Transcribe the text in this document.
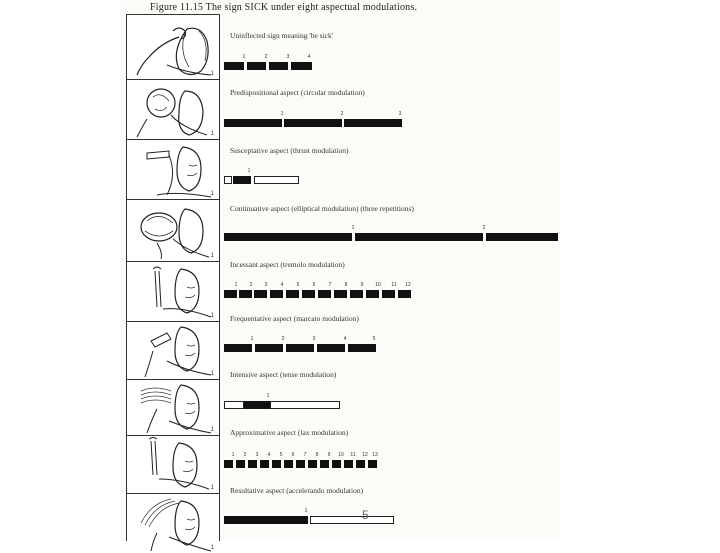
Figure 11.15 The sign SICK under eight aspectual modulations.
1
1
1
1
1
1
1
1
1
Uninflected sign meaning 'be sick'
1	2	3	4
Predispositional aspect (circular modulation)
1	2	3
Susceptative aspect (thrust modulation)
1
Continuative aspect (elliptical modulation) (three repetitions)
1	2
Incessant aspect (tremolo modulation)
1	2	3	4	5	6	7	8	9	10	11	12
Frequentative aspect (marcato modulation)
1	2	3	4	5
Intensive aspect (tense modulation)
1
Approximative aspect (lax modulation)
1	2	3	4	5	6	7	8	9	10	11	12 13
Resultative aspect (accelerando modulation)
1	5
